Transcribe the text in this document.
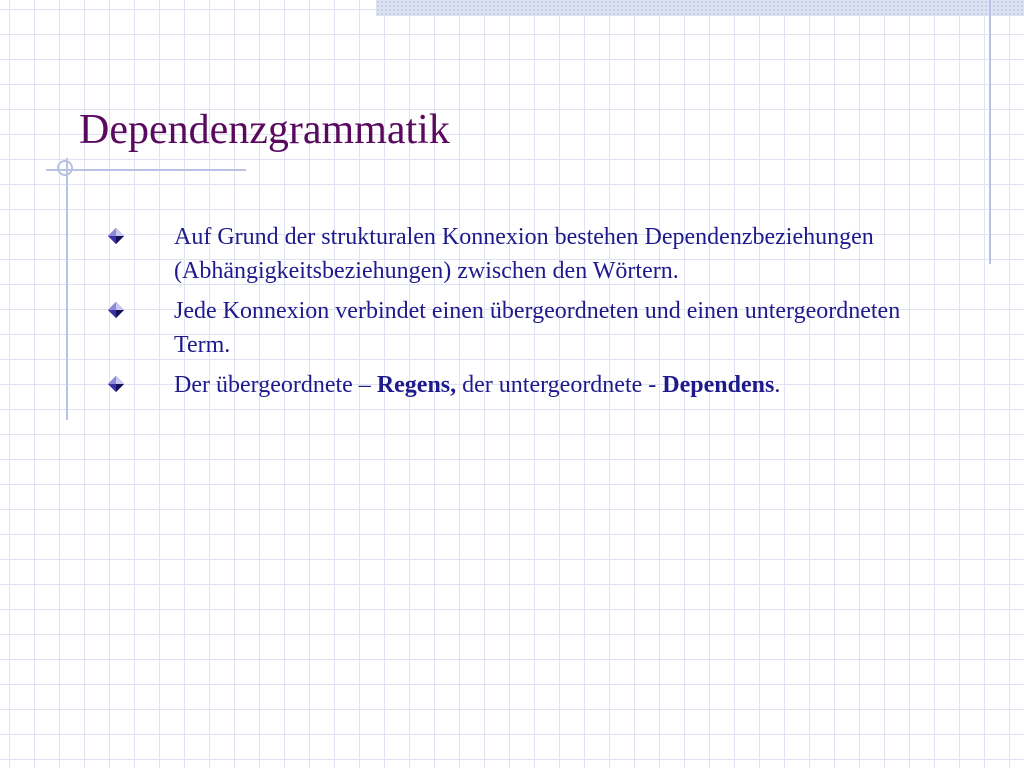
Dependenzgrammatik
Auf Grund der strukturalen Konnexion bestehen Dependenzbeziehungen (Abhängigkeitsbeziehungen) zwischen den Wörtern.
Jede Konnexion verbindet einen übergeordneten und einen untergeordneten Term.
Der übergeordnete – Regens, der untergeordnete - Dependens.
